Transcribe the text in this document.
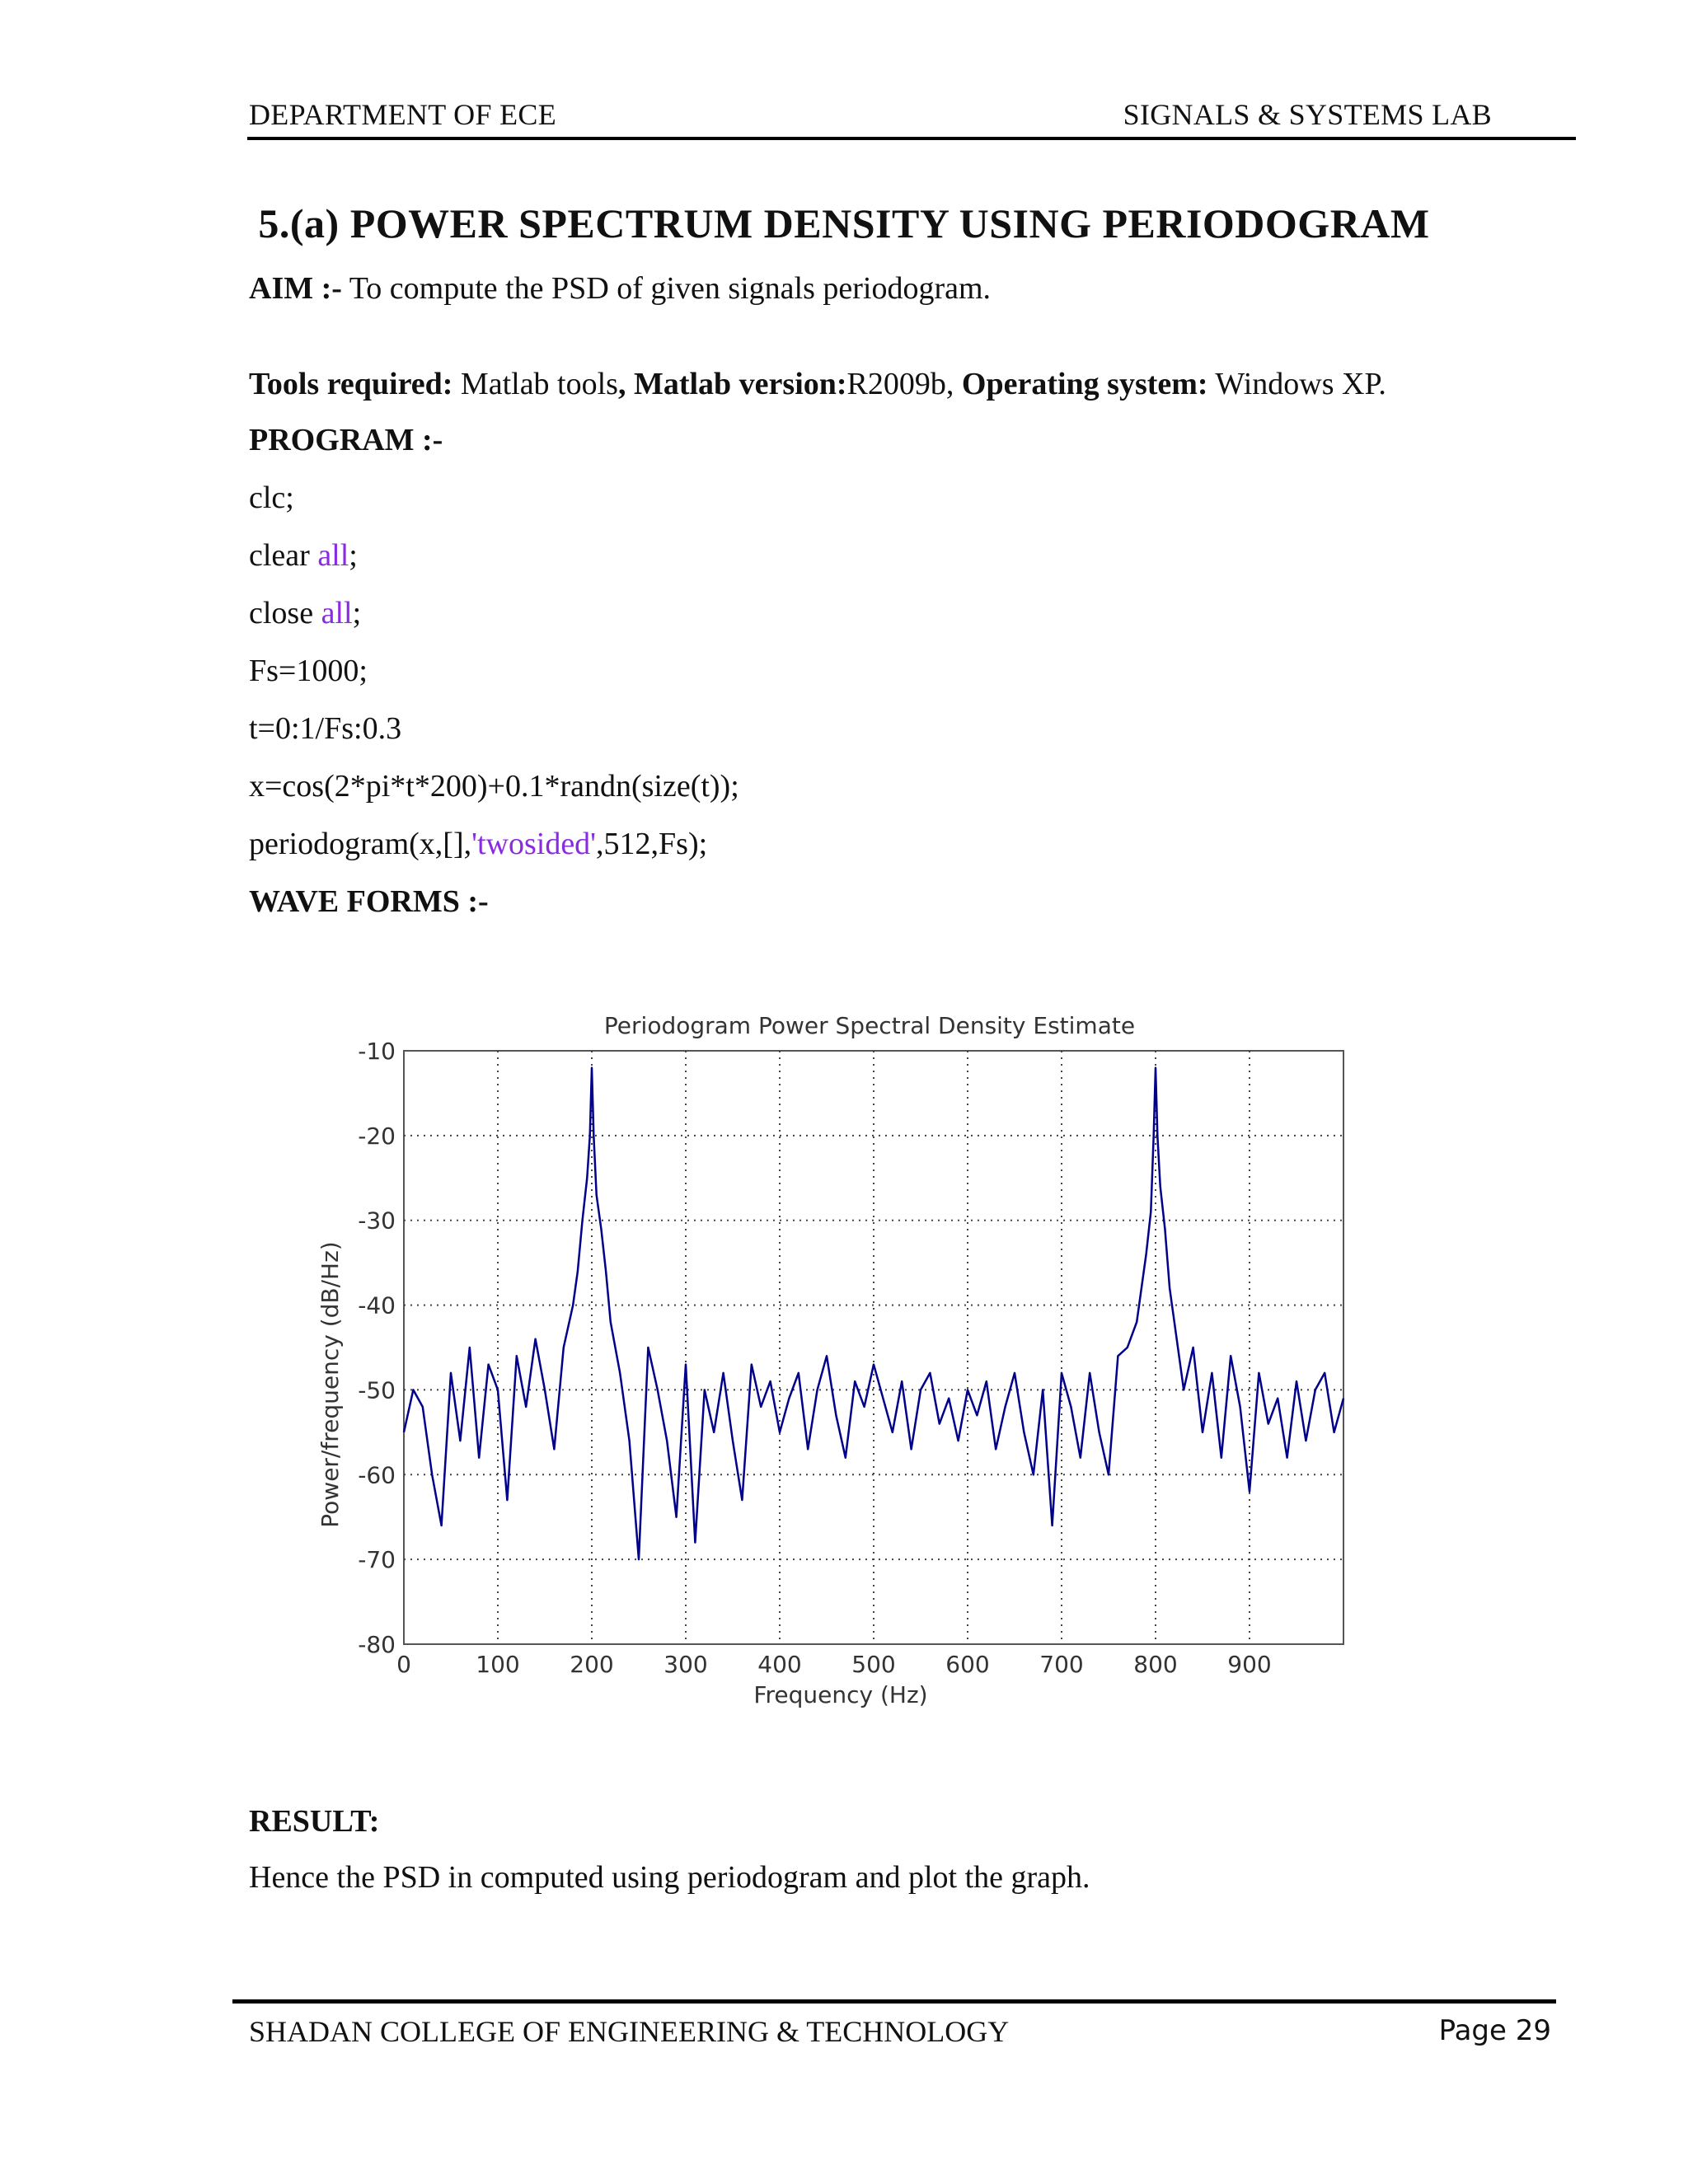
DEPARTMENT OF ECE	SIGNALS & SYSTEMS LAB
5.(a) POWER SPECTRUM DENSITY USING PERIODOGRAM
AIM :- To compute the PSD of given signals periodogram.
Tools required: Matlab tools, Matlab version:R2009b, Operating system: Windows XP.
PROGRAM :-
clc;
clear all;
close all;
Fs=1000;
t=0:1/Fs:0.3
x=cos(2*pi*t*200)+0.1*randn(size(t));
periodogram(x,[],'twosided',512,Fs);
WAVE FORMS :-
Periodogram Power Spectral Density Estimate
Frequency (Hz)
Power/frequency (dB/Hz)
0	100 200 300 400 500 600 700 800 900
-10
-20
-30
-40
-50
-60
-70
-80
RESULT:
Hence the PSD in computed using periodogram and plot the graph.
SHADAN COLLEGE OF ENGINEERING & TECHNOLOGY	Page 29
